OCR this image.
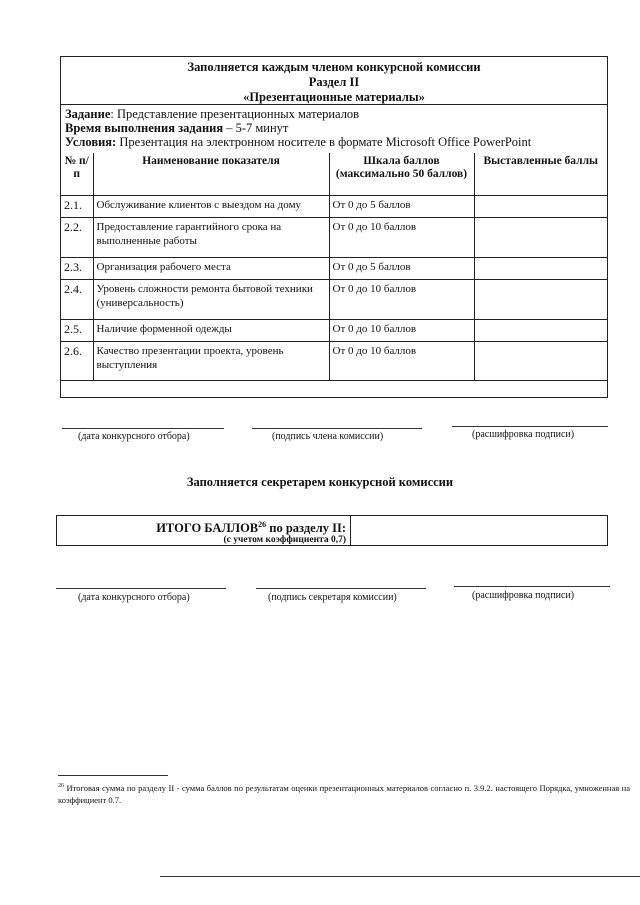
Заполняется каждым членом конкурсной комиссии
Раздел II
«Презентационные материалы»
Задание: Представление презентационных материалов
Время выполнения задания – 5-7 минут
Условия: Презентация на электронном носителе в формате Microsoft Office PowerPoint
№ п/п	Наименование показателя	Шкала баллов (максимально 50 баллов)	Выставленные баллы
2.1.	Обслуживание клиентов с выездом на дому	От 0 до 5 баллов	
2.2.	Предоставление гарантийного срока на выполненные работы	От 0 до 10 баллов	
2.3.	Организация рабочего места	От 0 до 5 баллов	
2.4.	Уровень сложности ремонта бытовой техники (универсальность)	От 0 до 10 баллов	
2.5.	Наличие форменной одежды	От 0 до 10 баллов	
2.6.	Качество презентации проекта, уровень выступления	От 0 до 10 баллов	
(дата конкурсного отбора)	(подпись члена комиссии)	(расшифровка подписи)
Заполняется секретарем конкурсной комиссии
ИТОГО БАЛЛОВ$^{26}$ по разделу II:
(с учетом коэффициента 0,7)
(дата конкурсного отбора)	(подпись секретаря комиссии)	(расшифровка подписи)
$^{26}$ Итоговая сумма по разделу II - сумма баллов по результатам оценки презентационных материалов согласно п. 3.9.2. настоящего Порядка, умноженная на коэффициент 0.7.
